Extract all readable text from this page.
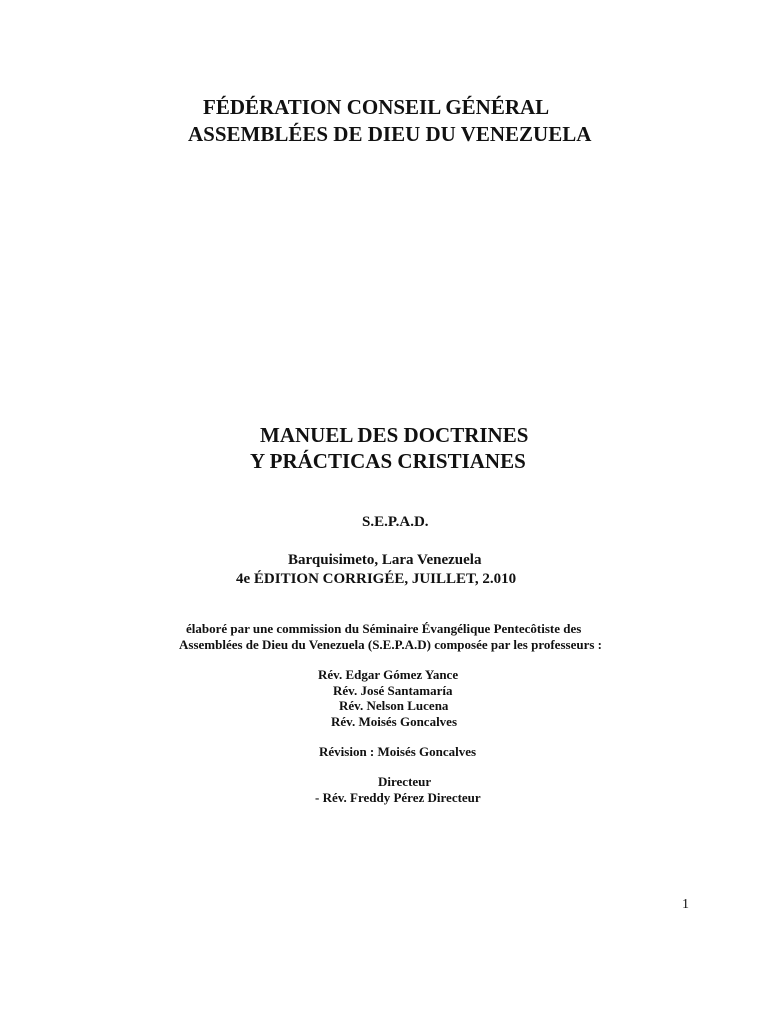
FÉDÉRATION CONSEIL GÉNÉRAL
ASSEMBLÉES DE DIEU DU VENEZUELA
MANUEL DES DOCTRINES
Y PRÁCTICAS CRISTIANES
S.E.P.A.D.
Barquisimeto, Lara Venezuela
4e ÉDITION CORRIGÉE, JUILLET, 2.010
élaboré par une commission du Séminaire Évangélique Pentecôtiste des
Assemblées de Dieu du Venezuela (S.E.P.A.D) composée par les professeurs :
Rév. Edgar Gómez Yance
Rév. José Santamaría
Rév. Nelson Lucena
Rév. Moisés Goncalves
Révision : Moisés Goncalves
Directeur
- Rév. Freddy Pérez Directeur
1
